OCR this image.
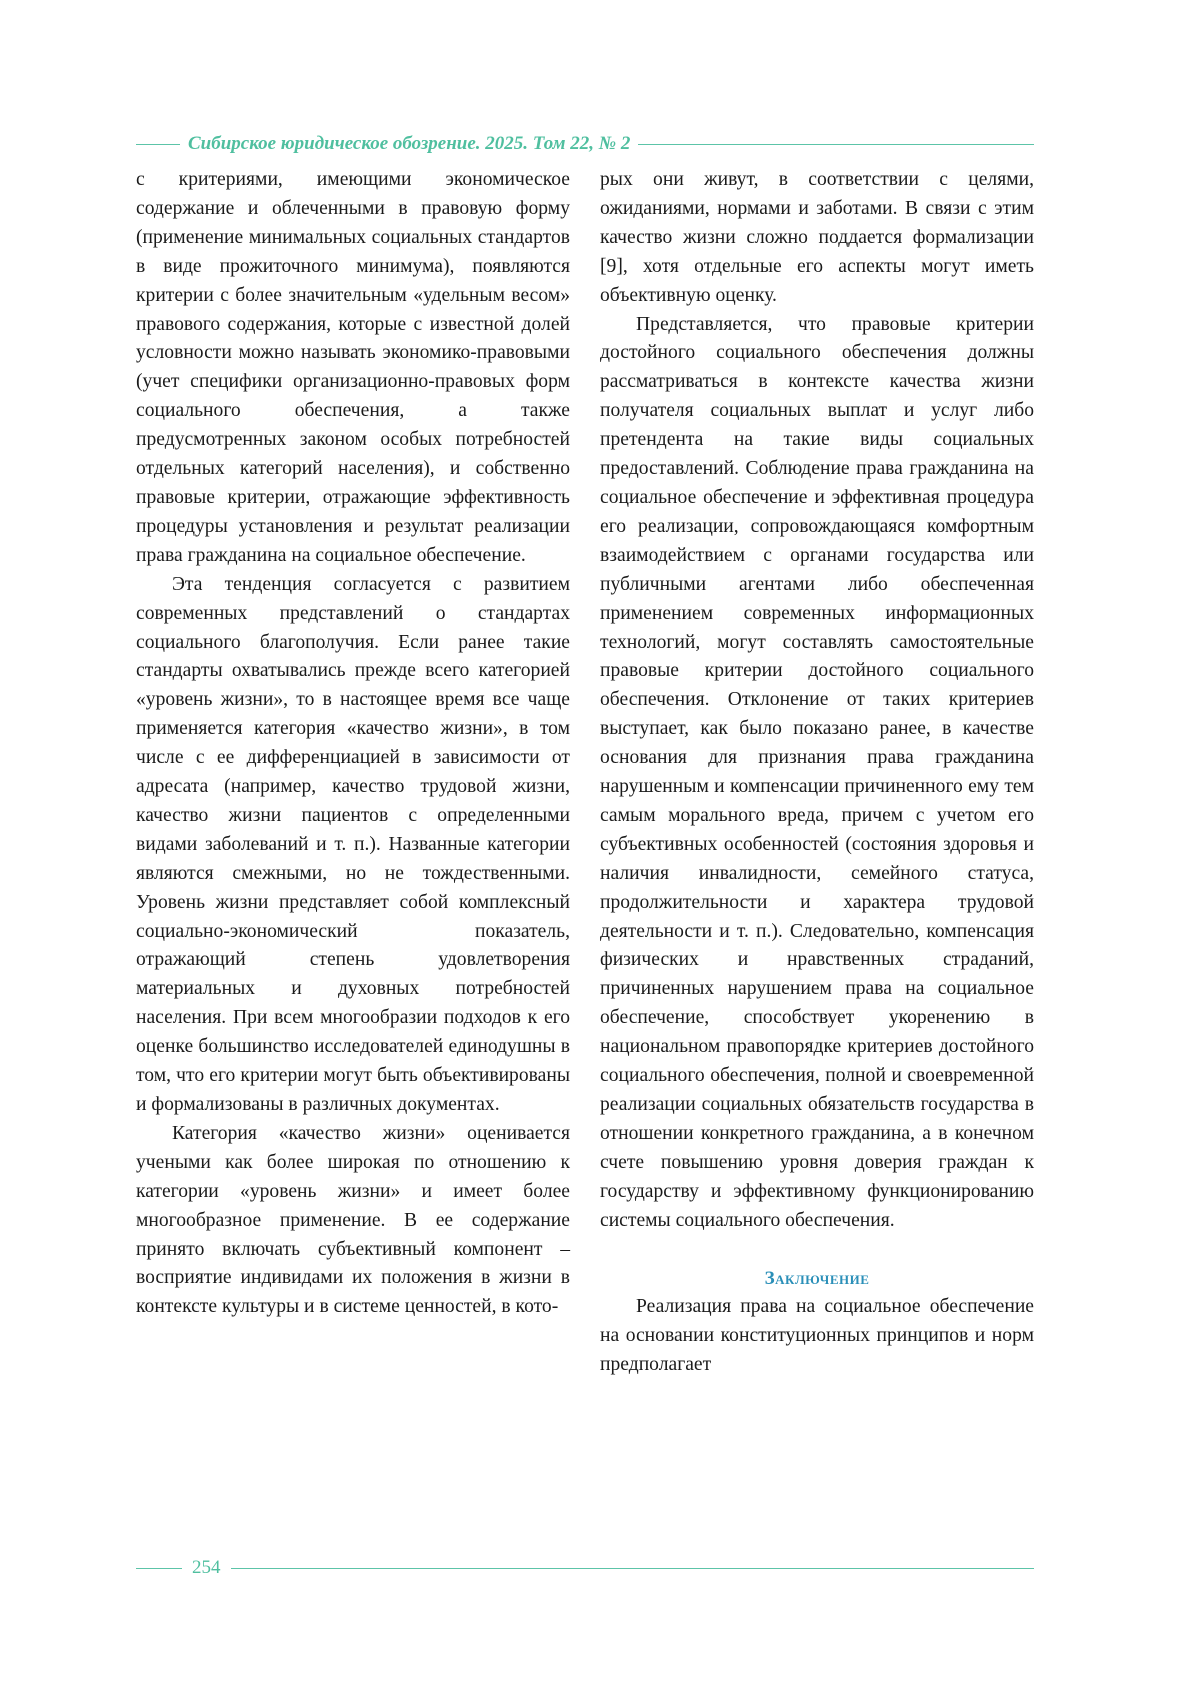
Сибирское юридическое обозрение. 2025. Том 22, № 2

с критериями, имеющими экономическое содержание и облеченными в правовую форму (применение минимальных социальных стандартов в виде прожиточного минимума), появляются критерии с более значительным «удельным весом» правового содержания, которые с известной долей условности можно называть экономико-правовыми (учет специфики организационно-правовых форм социального обеспечения, а также предусмотренных законом особых потребностей отдельных категорий населения), и собственно правовые критерии, отражающие эффективность процедуры установления и результат реализации права гражданина на социальное обеспечение.

Эта тенденция согласуется с развитием современных представлений о стандартах социального благополучия. Если ранее такие стандарты охватывались прежде всего категорией «уровень жизни», то в настоящее время все чаще применяется категория «качество жизни», в том числе с ее дифференциацией в зависимости от адресата (например, качество трудовой жизни, качество жизни пациентов с определенными видами заболеваний и т. п.). Названные категории являются смежными, но не тождественными. Уровень жизни представляет собой комплексный социально-экономический показатель, отражающий степень удовлетворения материальных и духовных потребностей населения. При всем многообразии подходов к его оценке большинство исследователей единодушны в том, что его критерии могут быть объективированы и формализованы в различных документах.

Категория «качество жизни» оценивается учеными как более широкая по отношению к категории «уровень жизни» и имеет более многообразное применение. В ее содержание принято включать субъективный компонент – восприятие индивидами их положения в жизни в контексте культуры и в системе ценностей, в кото-

рых они живут, в соответствии с целями, ожиданиями, нормами и заботами. В связи с этим качество жизни сложно поддается формализации [9], хотя отдельные его аспекты могут иметь объективную оценку.

Представляется, что правовые критерии достойного социального обеспечения должны рассматриваться в контексте качества жизни получателя социальных выплат и услуг либо претендента на такие виды социальных предоставлений. Соблюдение права гражданина на социальное обеспечение и эффективная процедура его реализации, сопровождающаяся комфортным взаимодействием с органами государства или публичными агентами либо обеспеченная применением современных информационных технологий, могут составлять самостоятельные правовые критерии достойного социального обеспечения. Отклонение от таких критериев выступает, как было показано ранее, в качестве основания для признания права гражданина нарушенным и компенсации причиненного ему тем самым морального вреда, причем с учетом его субъективных особенностей (состояния здоровья и наличия инвалидности, семейного статуса, продолжительности и характера трудовой деятельности и т. п.). Следовательно, компенсация физических и нравственных страданий, причиненных нарушением права на социальное обеспечение, способствует укоренению в национальном правопорядке критериев достойного социального обеспечения, полной и своевременной реализации социальных обязательств государства в отношении конкретного гражданина, а в конечном счете повышению уровня доверия граждан к государству и эффективному функционированию системы социального обеспечения.

Заключение

Реализация права на социальное обеспечение на основании конституционных принципов и норм предполагает

254
